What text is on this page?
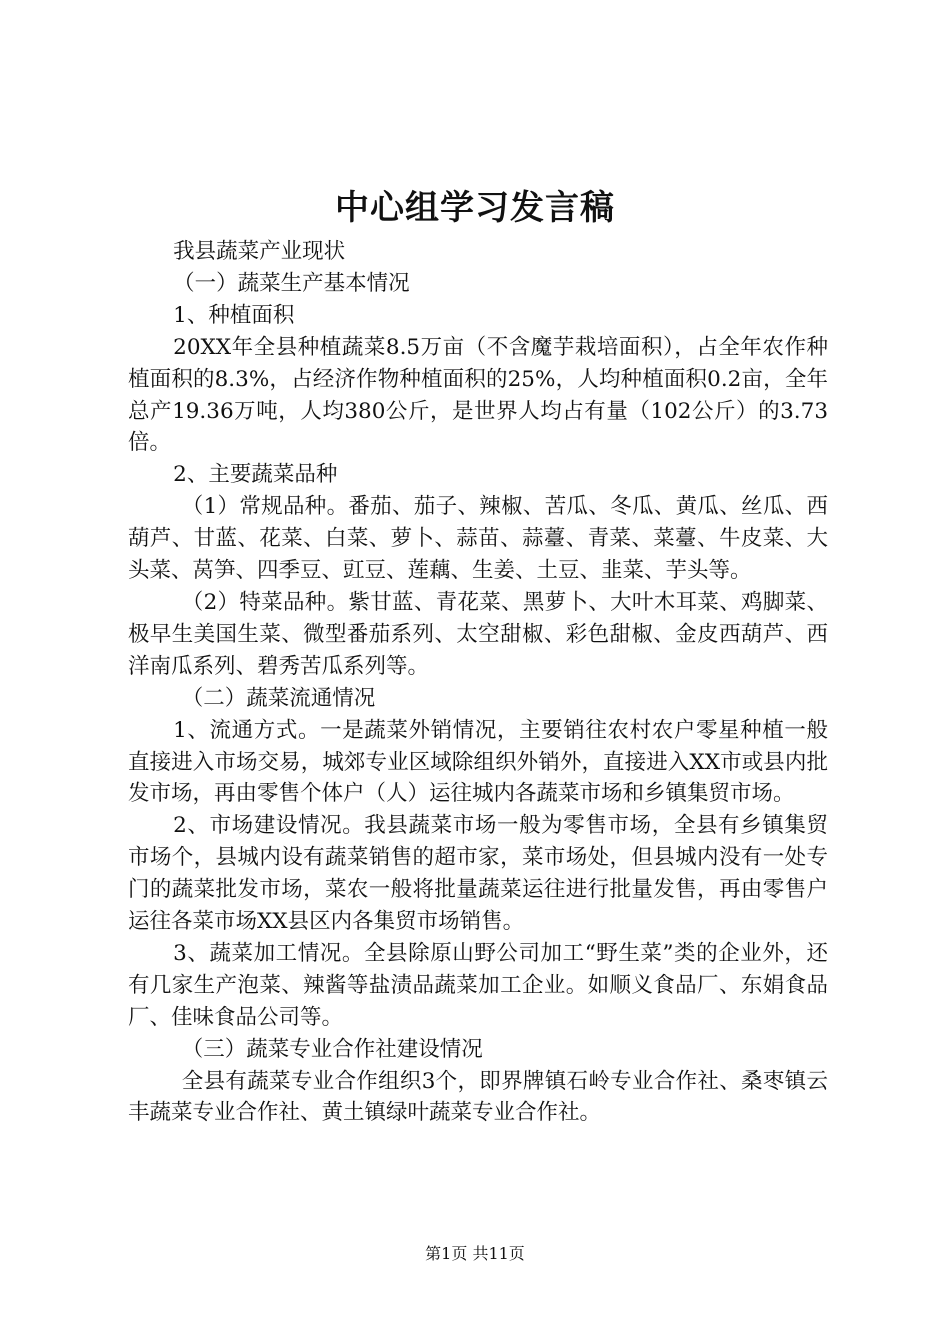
中心组学习发言稿

我县蔬菜产业现状

（一）蔬菜生产基本情况

1、种植面积

20XX年全县种植蔬菜8.5万亩（不含魔芋栽培面积），占全年农作种植面积的8.3%，占经济作物种植面积的25%，人均种植面积0.2亩，全年总产19.36万吨，人均380公斤，是世界人均占有量（102公斤）的3.73倍。

2、主要蔬菜品种

（1）常规品种。番茄、茄子、辣椒、苦瓜、冬瓜、黄瓜、丝瓜、西葫芦、甘蓝、花菜、白菜、萝卜、蒜苗、蒜薹、青菜、菜薹、牛皮菜、大头菜、莴笋、四季豆、豇豆、莲藕、生姜、土豆、韭菜、芋头等。

（2）特菜品种。紫甘蓝、青花菜、黑萝卜、大叶木耳菜、鸡脚菜、极早生美国生菜、微型番茄系列、太空甜椒、彩色甜椒、金皮西葫芦、西洋南瓜系列、碧秀苦瓜系列等。

（二）蔬菜流通情况

1、流通方式。一是蔬菜外销情况，主要销往农村农户零星种植一般直接进入市场交易，城郊专业区域除组织外销外，直接进入XX市或县内批发市场，再由零售个体户（人）运往城内各蔬菜市场和乡镇集贸市场。

2、市场建设情况。我县蔬菜市场一般为零售市场，全县有乡镇集贸市场个，县城内设有蔬菜销售的超市家，菜市场处，但县城内没有一处专门的蔬菜批发市场，菜农一般将批量蔬菜运往进行批量发售，再由零售户运往各菜市场XX县区内各集贸市场销售。

3、蔬菜加工情况。全县除原山野公司加工“野生菜”类的企业外，还有几家生产泡菜、辣酱等盐渍品蔬菜加工企业。如顺义食品厂、东娟食品厂、佳味食品公司等。

（三）蔬菜专业合作社建设情况

全县有蔬菜专业合作组织3个，即界牌镇石岭专业合作社、桑枣镇云丰蔬菜专业合作社、黄土镇绿叶蔬菜专业合作社。

第1页 共11页
